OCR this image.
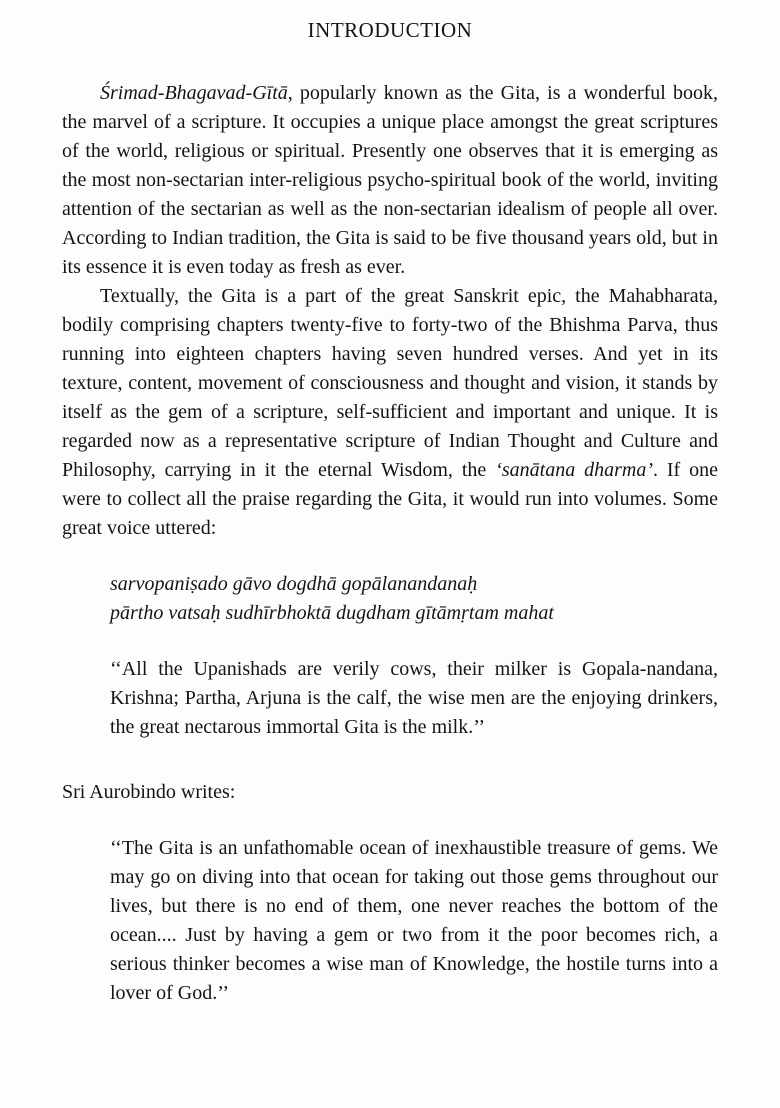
INTRODUCTION

Śrimad-Bhagavad-Gītā, popularly known as the Gita, is a wonderful book, the marvel of a scripture. It occupies a unique place amongst the great scriptures of the world, religious or spiritual. Presently one observes that it is emerging as the most non-sectarian inter-religious psycho-spiritual book of the world, inviting attention of the sectarian as well as the non-sectarian idealism of people all over. According to Indian tradition, the Gita is said to be five thousand years old, but in its essence it is even today as fresh as ever.

Textually, the Gita is a part of the great Sanskrit epic, the Mahabharata, bodily comprising chapters twenty-five to forty-two of the Bhishma Parva, thus running into eighteen chapters having seven hundred verses. And yet in its texture, content, movement of consciousness and thought and vision, it stands by itself as the gem of a scripture, self-sufficient and important and unique. It is regarded now as a representative scripture of Indian Thought and Culture and Philosophy, carrying in it the eternal Wisdom, the ‘sanātana dharma’. If one were to collect all the praise regarding the Gita, it would run into volumes. Some great voice uttered:

sarvopaniṣado gāvo dogdhā gopālanandanaḥ
pārtho vatsaḥ sudhīrbhoktā dugdham gītāmṛtam mahat

‘‘All the Upanishads are verily cows, their milker is Gopala-nandana, Krishna; Partha, Arjuna is the calf, the wise men are the enjoying drinkers, the great nectarous immortal Gita is the milk.’’

Sri Aurobindo writes:

‘‘The Gita is an unfathomable ocean of inexhaustible treasure of gems. We may go on diving into that ocean for taking out those gems throughout our lives, but there is no end of them, one never reaches the bottom of the ocean.... Just by having a gem or two from it the poor becomes rich, a serious thinker becomes a wise man of Knowledge, the hostile turns into a lover of God.’’
